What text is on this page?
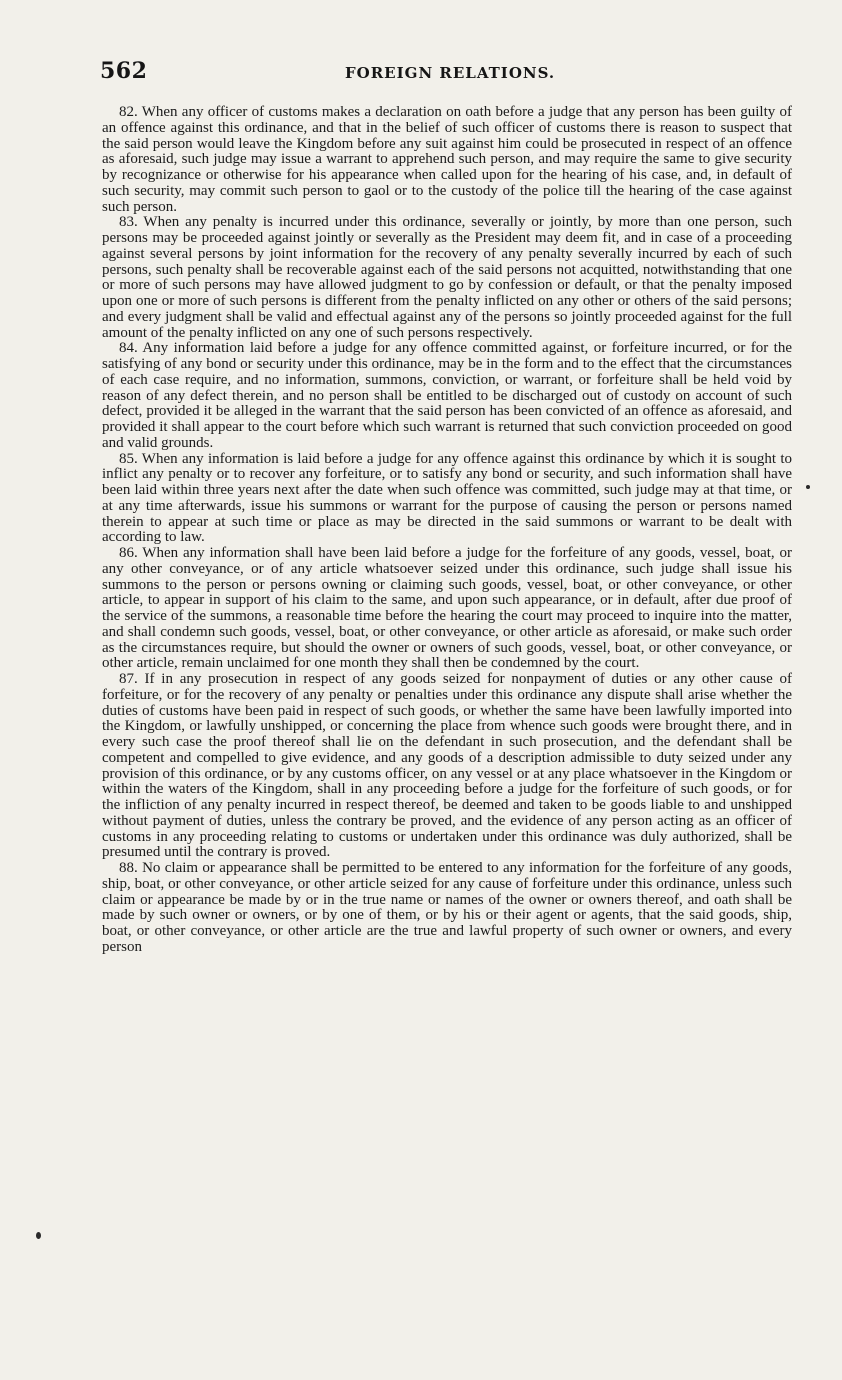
562	FOREIGN RELATIONS.

82. When any officer of customs makes a declaration on oath before a judge that any person has been guilty of an offence against this ordinance, and that in the belief of such officer of customs there is reason to suspect that the said person would leave the Kingdom before any suit against him could be prosecuted in respect of an offence as aforesaid, such judge may issue a warrant to apprehend such person, and may require the same to give security by recognizance or otherwise for his appearance when called upon for the hearing of his case, and, in default of such security, may commit such person to gaol or to the custody of the police till the hearing of the case against such person.

83. When any penalty is incurred under this ordinance, severally or jointly, by more than one person, such persons may be proceeded against jointly or severally as the President may deem fit, and in case of a proceeding against several persons by joint information for the recovery of any penalty severally incurred by each of such persons, such penalty shall be recoverable against each of the said persons not acquitted, notwithstanding that one or more of such persons may have allowed judgment to go by confession or default, or that the penalty imposed upon one or more of such persons is different from the penalty inflicted on any other or others of the said persons; and every judgment shall be valid and effectual against any of the persons so jointly proceeded against for the full amount of the penalty inflicted on any one of such persons respectively.

84. Any information laid before a judge for any offence committed against, or forfeiture incurred, or for the satisfying of any bond or security under this ordinance, may be in the form and to the effect that the circumstances of each case require, and no information, summons, conviction, or warrant, or forfeiture shall be held void by reason of any defect therein, and no person shall be entitled to be discharged out of custody on account of such defect, provided it be alleged in the warrant that the said person has been convicted of an offence as aforesaid, and provided it shall appear to the court before which such warrant is returned that such conviction proceeded on good and valid grounds.

85. When any information is laid before a judge for any offence against this ordinance by which it is sought to inflict any penalty or to recover any forfeiture, or to satisfy any bond or security, and such information shall have been laid within three years next after the date when such offence was committed, such judge may at that time, or at any time afterwards, issue his summons or warrant for the purpose of causing the person or persons named therein to appear at such time or place as may be directed in the said summons or warrant to be dealt with according to law.

86. When any information shall have been laid before a judge for the forfeiture of any goods, vessel, boat, or any other conveyance, or of any article whatsoever seized under this ordinance, such judge shall issue his summons to the person or persons owning or claiming such goods, vessel, boat, or other conveyance, or other article, to appear in support of his claim to the same, and upon such appearance, or in default, after due proof of the service of the summons, a reasonable time before the hearing the court may proceed to inquire into the matter, and shall condemn such goods, vessel, boat, or other conveyance, or other article as aforesaid, or make such order as the circumstances require, but should the owner or owners of such goods, vessel, boat, or other conveyance, or other article, remain unclaimed for one month they shall then be condemned by the court.

87. If in any prosecution in respect of any goods seized for nonpayment of duties or any other cause of forfeiture, or for the recovery of any penalty or penalties under this ordinance any dispute shall arise whether the duties of customs have been paid in respect of such goods, or whether the same have been lawfully imported into the Kingdom, or lawfully unshipped, or concerning the place from whence such goods were brought there, and in every such case the proof thereof shall lie on the defendant in such prosecution, and the defendant shall be competent and compelled to give evidence, and any goods of a description admissible to duty seized under any provision of this ordinance, or by any customs officer, on any vessel or at any place whatsoever in the Kingdom or within the waters of the Kingdom, shall in any proceeding before a judge for the forfeiture of such goods, or for the infliction of any penalty incurred in respect thereof, be deemed and taken to be goods liable to and unshipped without payment of duties, unless the contrary be proved, and the evidence of any person acting as an officer of customs in any proceeding relating to customs or undertaken under this ordinance was duly authorized, shall be presumed until the contrary is proved.

88. No claim or appearance shall be permitted to be entered to any information for the forfeiture of any goods, ship, boat, or other conveyance, or other article seized for any cause of forfeiture under this ordinance, unless such claim or appearance be made by or in the true name or names of the owner or owners thereof, and oath shall be made by such owner or owners, or by one of them, or by his or their agent or agents, that the said goods, ship, boat, or other conveyance, or other article are the true and lawful property of such owner or owners, and every person
